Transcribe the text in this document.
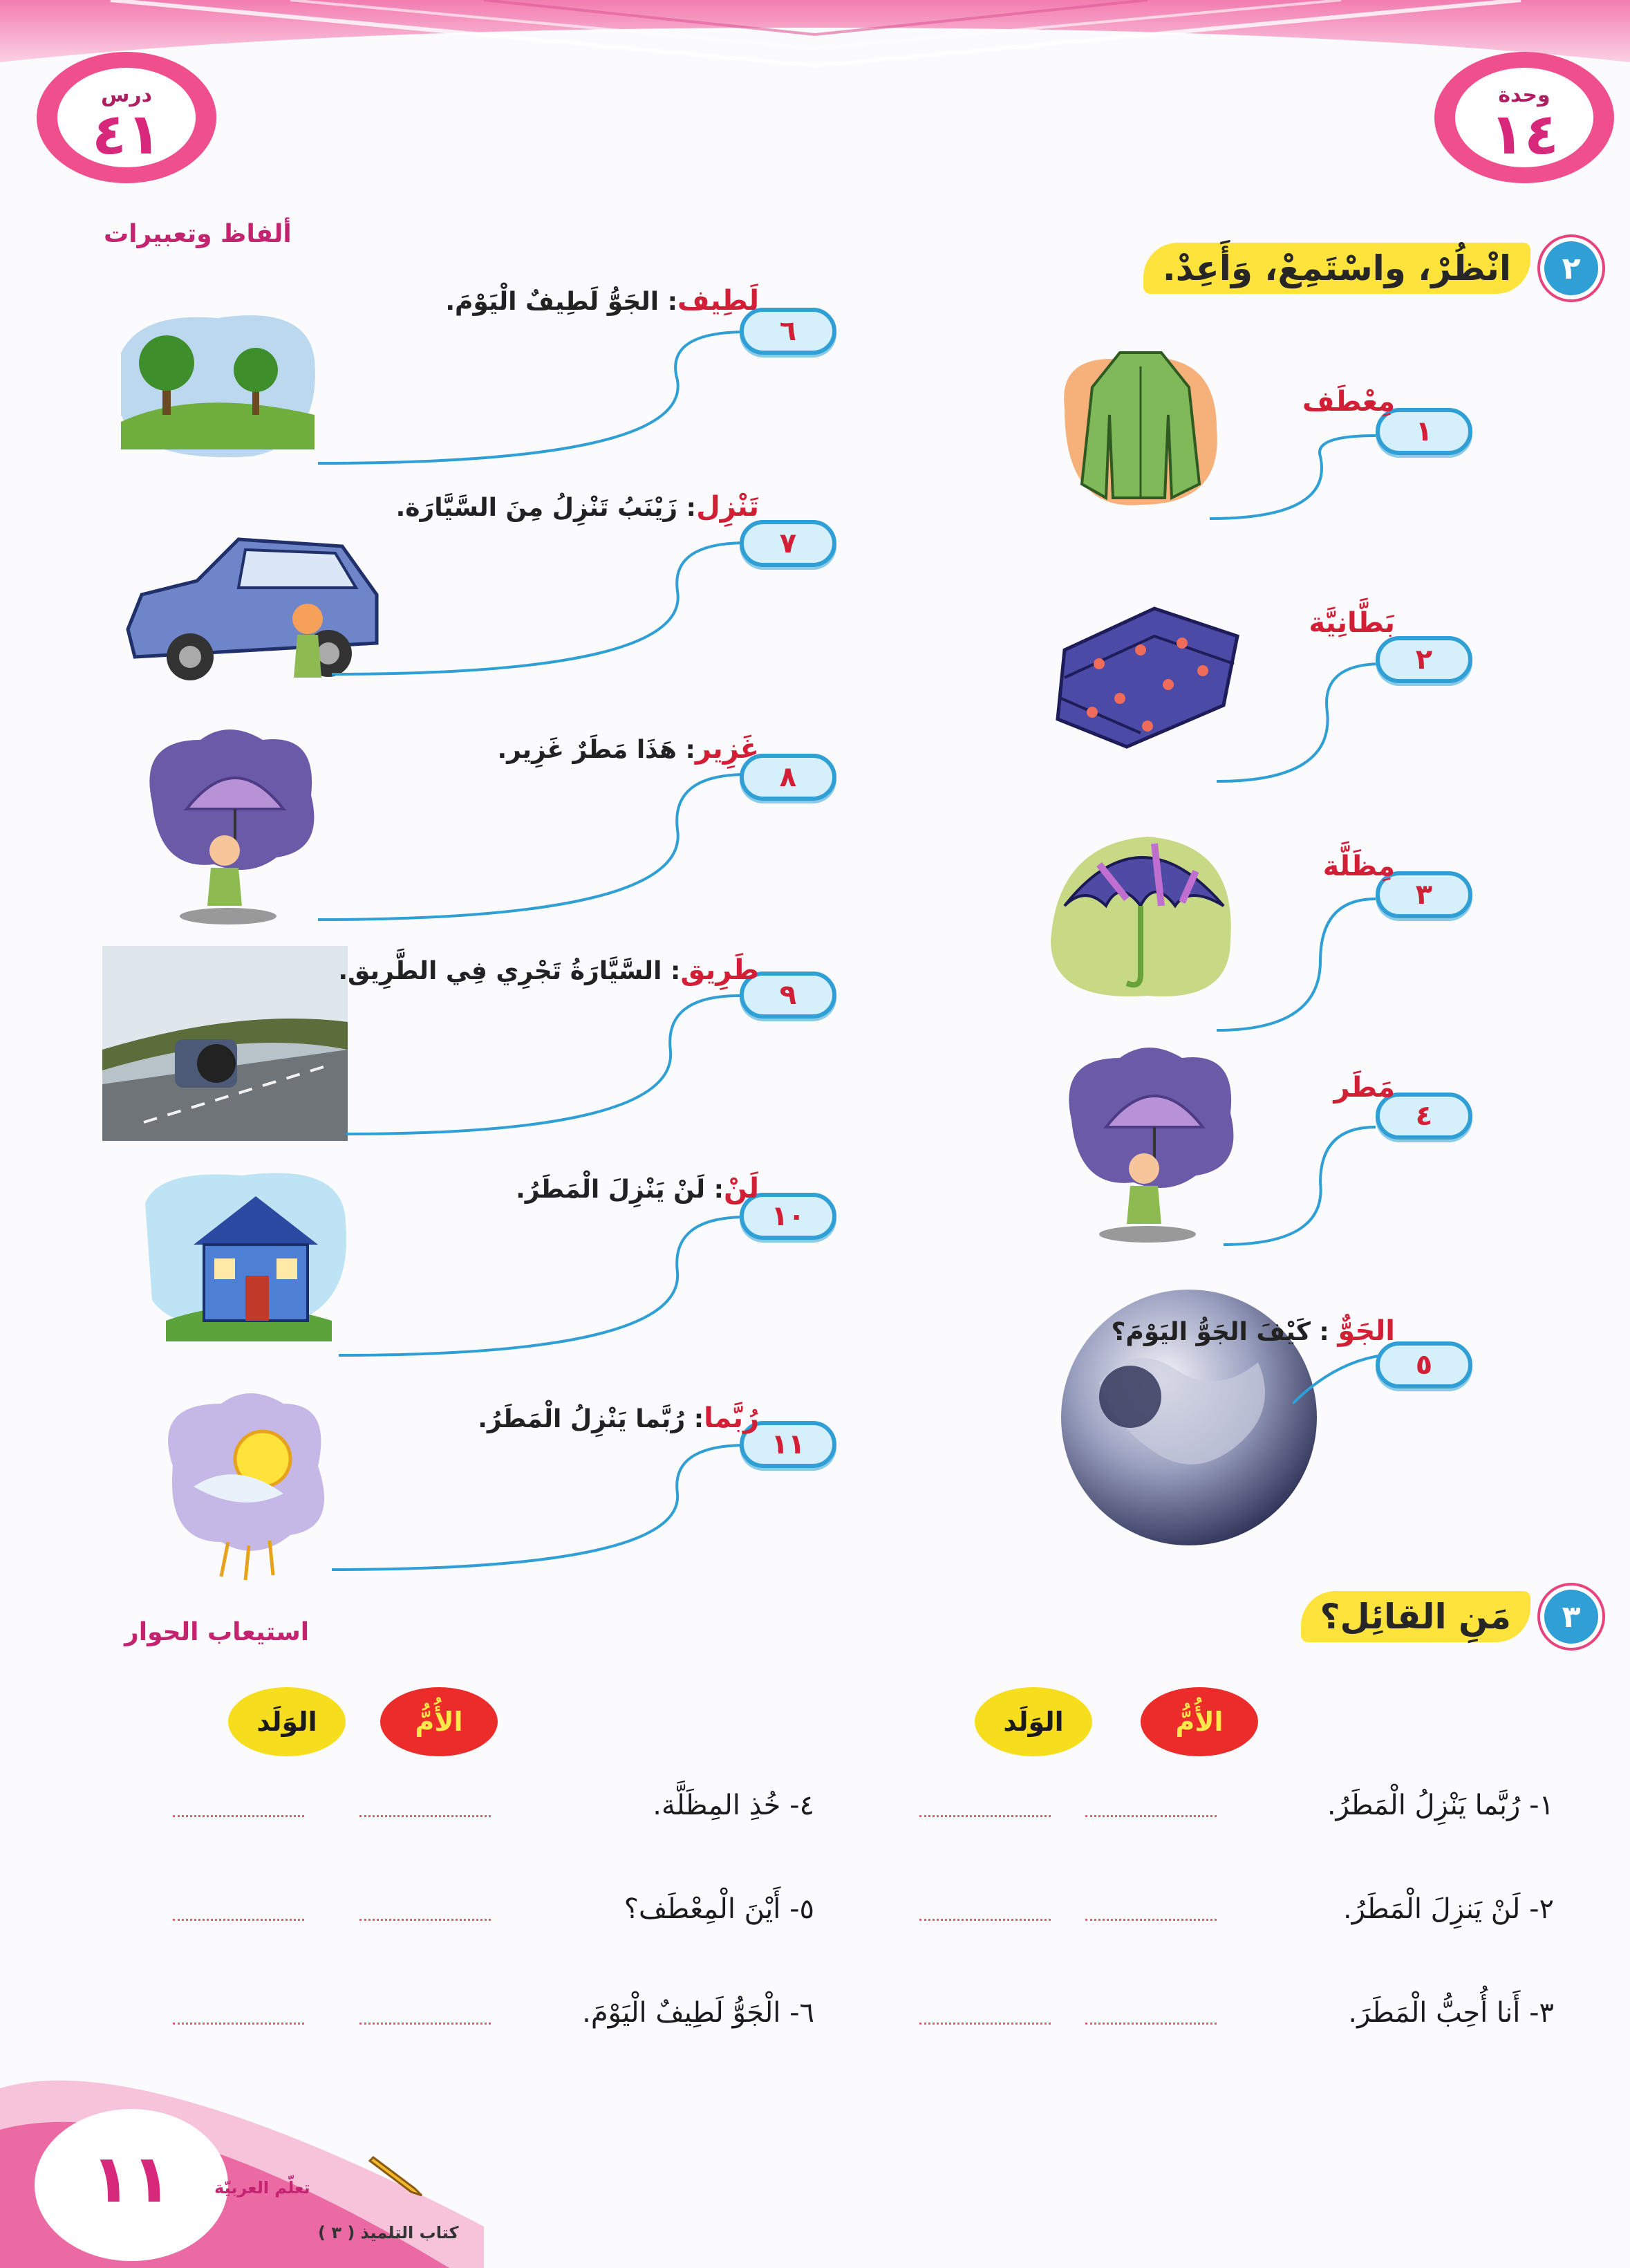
درس
٤١
وحدة
١٤
٢
انْظُرْ، واسْتَمِعْ، وَأَعِدْ.
ألفاظ وتعبيرات
١
مِعْطَف
٢
بَطَّانِيَّة
٣
مِظَلَّة
٤
مَطَر
٥
الجَوٌّ : كَيْفَ الجَوُّ اليَوْمَ؟
٦
لَطِيف: الجَوُّ لَطِيفٌ الْيَوْمَ.
٧
تَنْزِل: زَيْنَبُ تَنْزِلُ مِنَ السَّيَّارَة.
٨
غَزِير: هَذَا مَطَرٌ غَزِير.
٩
طَرِيق: السَّيَّارَةُ تَجْرِي فِي الطَّرِيق.
١٠
لَنْ: لَنْ يَنْزِلَ الْمَطَرُ.
١١
رُبَّما: رُبَّما يَنْزِلُ الْمَطَرُ.
٣
مَنِ القائِل؟
استيعاب الحوار
الأُمُّ
الوَلَد
الأُمُّ
الوَلَد
١- رُبَّما يَنْزِلُ الْمَطَرُ.
٢- لَنْ يَنزِلَ الْمَطَرُ.
٣- أَنا أُحِبُّ الْمَطَرَ.
٤- خُذِ المِظَلَّة.
٥- أَيْنَ الْمِعْطَف؟
٦- الْجَوُّ لَطِيفٌ الْيَوْمَ.
١١	تعلّم العربيّة
كتاب التلميذ ( ٣ )
